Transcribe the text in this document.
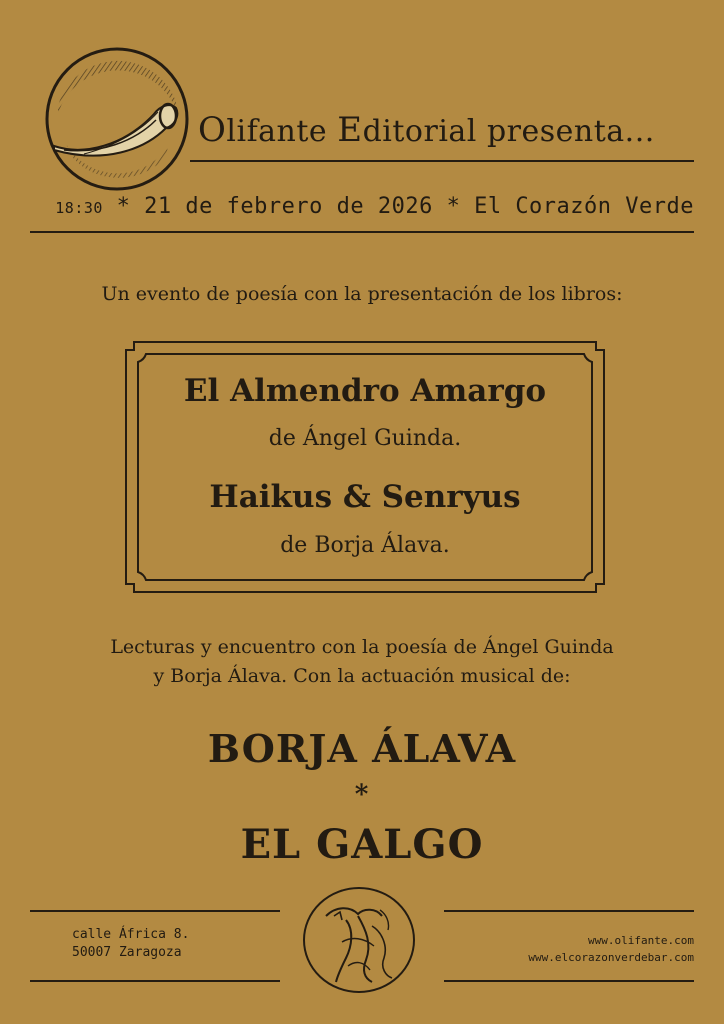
Olifante Editorial presenta...
18:30 * 21 de febrero de 2026 * El Corazón Verde
Un evento de poesía con la presentación de los libros:
El Almendro Amargo
de Ángel Guinda.
Haikus & Senryus
de Borja Álava.
Lecturas y encuentro con la poesía de Ángel Guinda
y Borja Álava. Con la actuación musical de:
BORJA ÁLAVA
*
EL GALGO
calle África 8.
50007 Zaragoza
www.olifante.com
www.elcorazonverdebar.com
